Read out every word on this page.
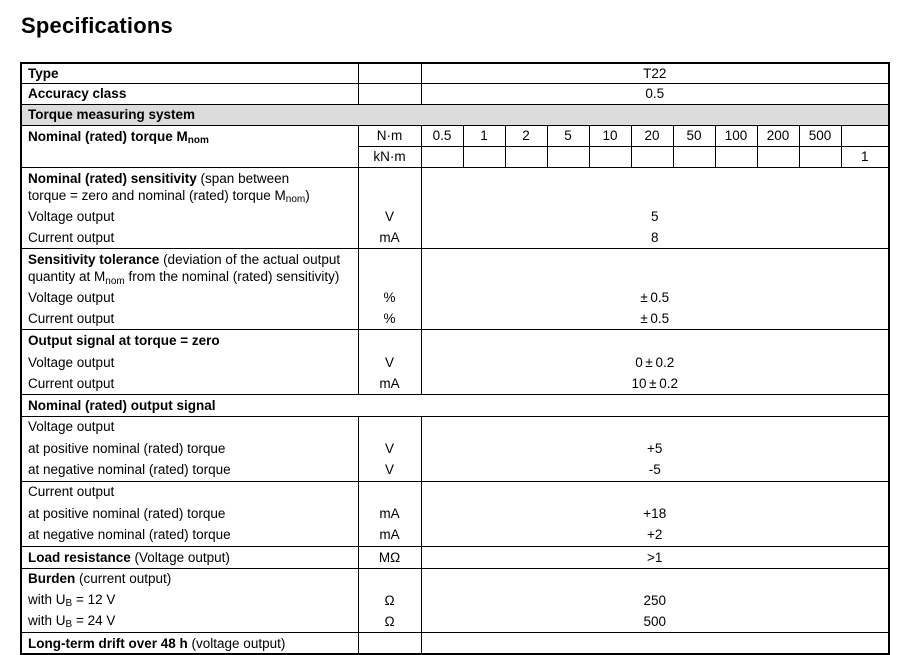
Specifications
Type		T22										
Accuracy class		0.5										
Torque measuring system												
Nominal (rated) torque Mnom	N·m	0.5	1	2	5	10	20	50	100	200	500	
	kN·m											1
Nominal (rated) sensitivity (span between
torque = zero and nominal (rated) torque Mnom)												
Voltage output	V	5										
Current output	mA	8										
Sensitivity tolerance (deviation of the actual output
quantity at Mnom from the nominal (rated) sensitivity)												
Voltage output	%	± 0.5										
Current output	%	± 0.5										
Output signal at torque = zero												
Voltage output	V	0 ± 0.2										
Current output	mA	10 ± 0.2										
Nominal (rated) output signal												
Voltage output												
at positive nominal (rated) torque	V	+5										
at negative nominal (rated) torque	V	-5										
Current output												
at positive nominal (rated) torque	mA	+18										
at negative nominal (rated) torque	mA	+2										
Load resistance (Voltage output)	MΩ	>1										
Burden (current output)												
with UB = 12 V	Ω	250										
with UB = 24 V	Ω	500										
Long-term drift over 48 h (voltage output)												
